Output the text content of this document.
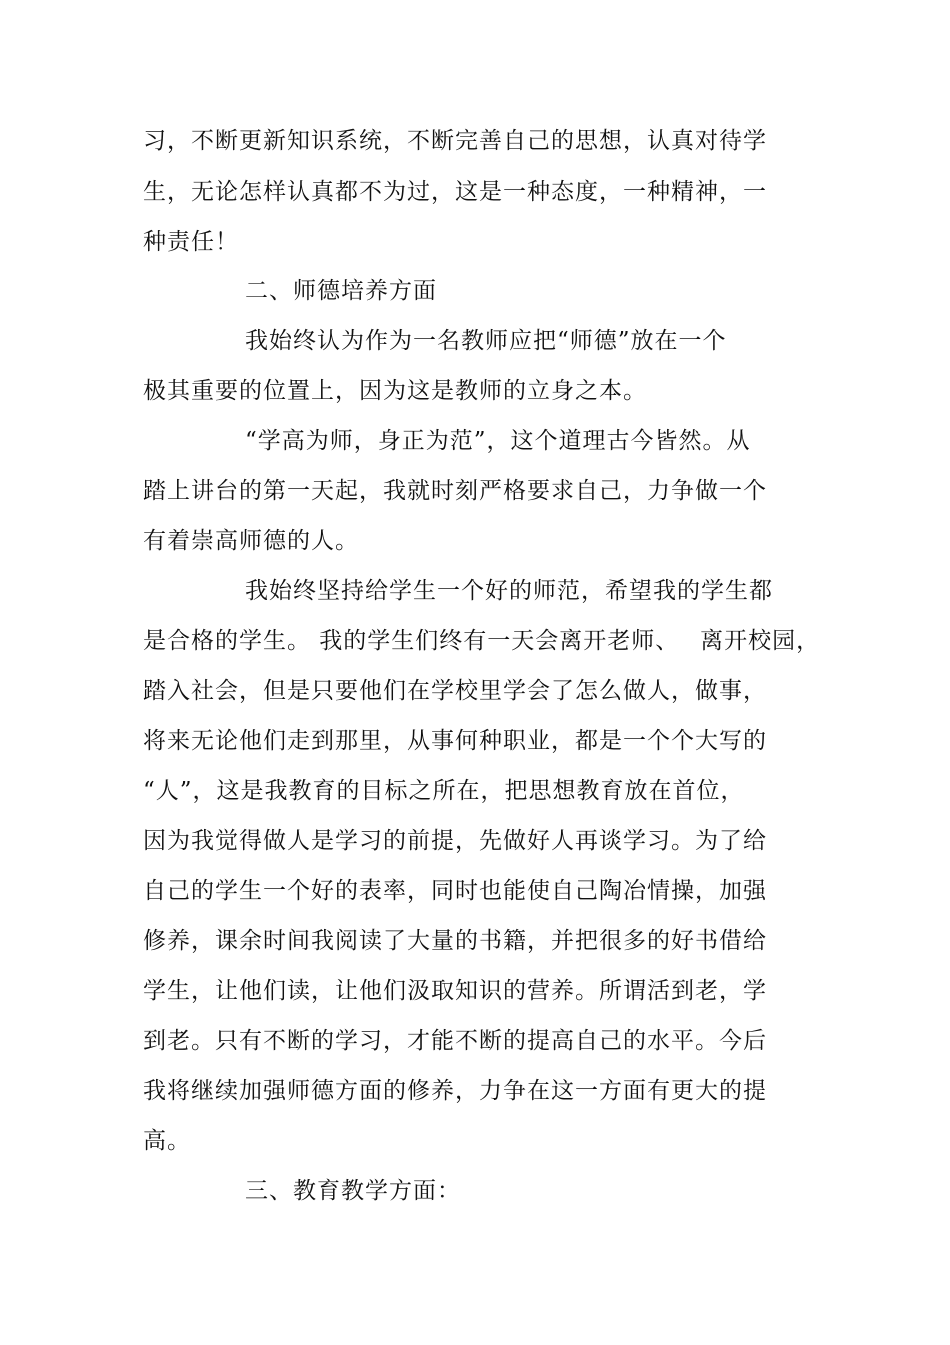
习，不断更新知识系统，不断完善自己的思想，认真对待学
生，无论怎样认真都不为过，这是一种态度，一种精神，一
种责任！
二、师德培养方面
我始终认为作为一名教师应把“师德”放在一个
极其重要的位置上，因为这是教师的立身之本。
“学高为师，身正为范”，这个道理古今皆然。从
踏上讲台的第一天起，我就时刻严格要求自己，力争做一个
有着崇高师德的人。
我始终坚持给学生一个好的师范，希望我的学生都
是合格的学生。 我的学生们终有一天会离开老师、　 离开校园，
踏入社会，但是只要他们在学校里学会了怎么做人，做事，
将来无论他们走到那里，从事何种职业，都是一个个大写的
“人”，这是我教育的目标之所在，把思想教育放在首位，
因为我觉得做人是学习的前提，先做好人再谈学习。为了给
自己的学生一个好的表率，同时也能使自己陶冶情操，加强
修养，课余时间我阅读了大量的书籍，并把很多的好书借给
学生，让他们读，让他们汲取知识的营养。所谓活到老，学
到老。只有不断的学习，才能不断的提高自己的水平。今后
我将继续加强师德方面的修养，力争在这一方面有更大的提
高。
三、教育教学方面：
